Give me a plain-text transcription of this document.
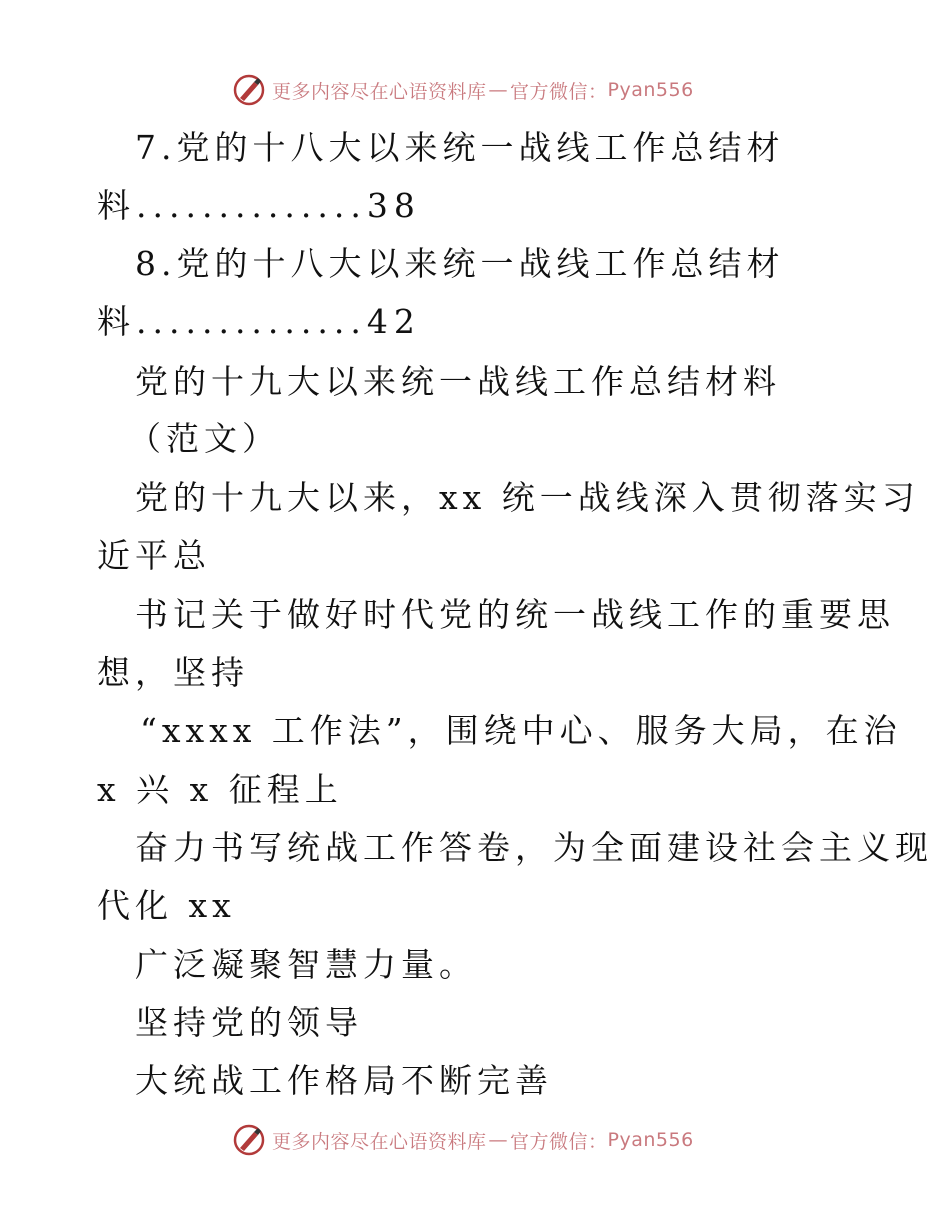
更多内容尽在心语资料库 — 官方微信： Pyan556
7.党的十八大以来统一战线工作总结材
料..............38
8.党的十八大以来统一战线工作总结材
料..............42
党的十九大以来统一战线工作总结材料
（范文）
党的十九大以来，xx 统一战线深入贯彻落实习
近平总
书记关于做好时代党的统一战线工作的重要思
想，坚持
“xxxx 工作法”，围绕中心、服务大局，在治
x 兴 x 征程上
奋力书写统战工作答卷，为全面建设社会主义现
代化 xx
广泛凝聚智慧力量。
坚持党的领导
大统战工作格局不断完善
更多内容尽在心语资料库 — 官方微信： Pyan556
